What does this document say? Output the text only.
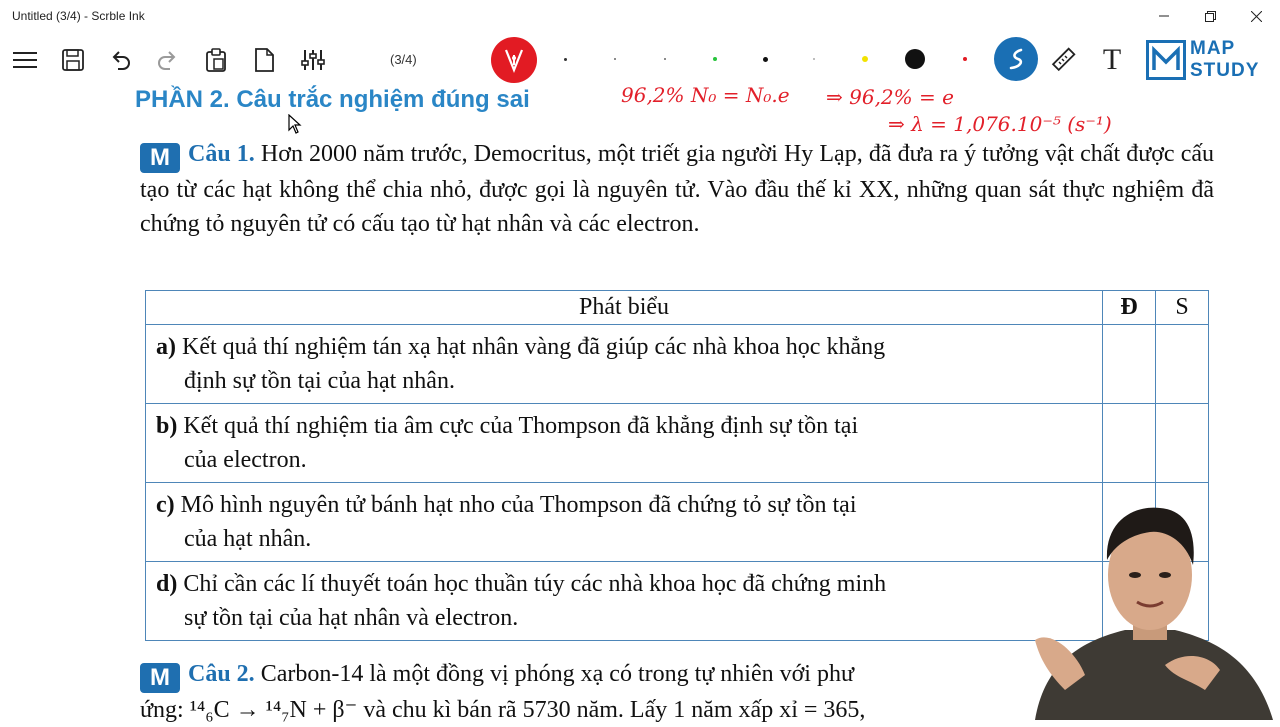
Untitled (3/4) - Scrble Ink
(3/4)	T	MAP
STUDY
PHẦN 2. Câu trắc nghiệm đúng sai	96,2% N₀ = N₀.e ⇒ 96,2% = e
⇒ λ = 1,076.10⁻⁵ (s⁻¹)
M Câu 1. Hơn 2000 năm trước, Democritus, một triết gia người Hy Lạp, đã đưa ra ý tưởng vật chất được cấu tạo từ các hạt không thể chia nhỏ, được gọi là nguyên tử. Vào đầu thế kỉ XX, những quan sát thực nghiệm đã chứng tỏ nguyên tử có cấu tạo từ hạt nhân và các electron.
Phát biểu	Đ	S
a) Kết quả thí nghiệm tán xạ hạt nhân vàng đã giúp các nhà khoa học khẳng
định sự tồn tại của hạt nhân.		

b) Kết quả thí nghiệm tia âm cực của Thompson đã khẳng định sự tồn tại
của electron.		

c) Mô hình nguyên tử bánh hạt nho của Thompson đã chứng tỏ sự tồn tại
của hạt nhân.		

d) Chỉ cần các lí thuyết toán học thuần túy các nhà khoa học đã chứng minh
sự tồn tại của hạt nhân và electron.		

M Câu 2. Carbon-14 là một đồng vị phóng xạ có trong tự nhiên với phư
ứng: ¹⁴₆C → ¹⁴₇N + β⁻ và chu kì bán rã 5730 năm. Lấy 1 năm xấp xỉ = 365,
